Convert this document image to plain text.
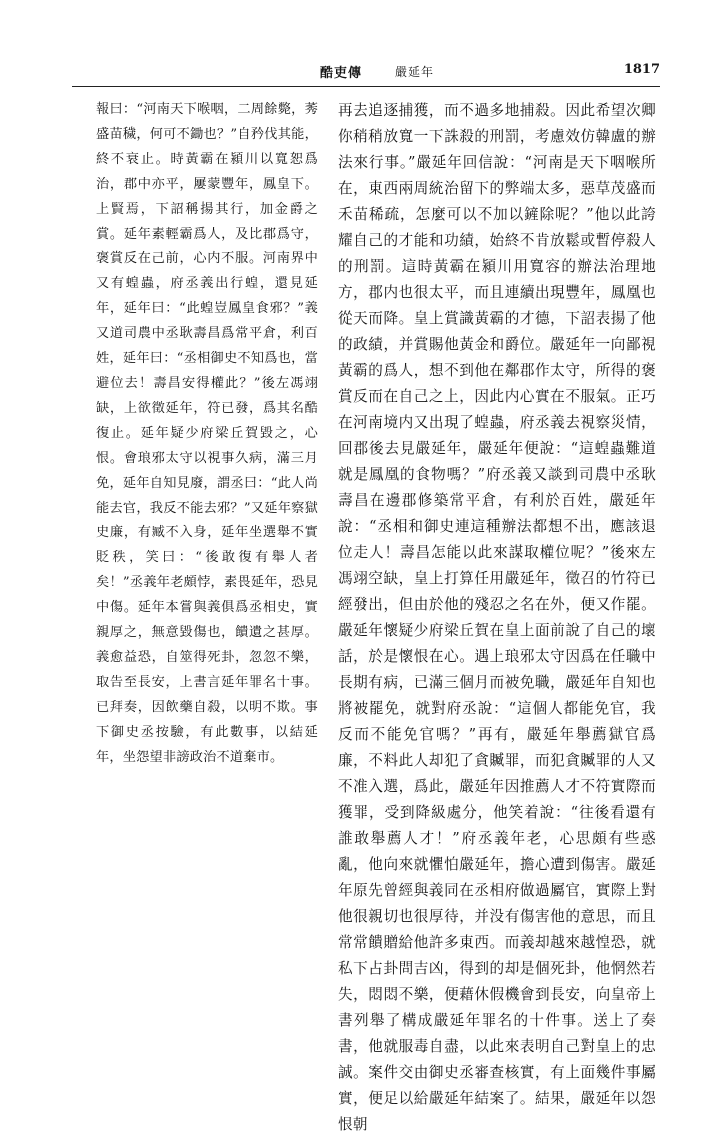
酷吏傳	嚴延年	1817

報曰：“河南天下喉咽，二周餘斃，莠盛苗穢，何可不鋤也？”自矜伐其能，終不衰止。時黃霸在潁川以寬恕爲治，郡中亦平，屢蒙豐年，鳳皇下。上賢焉，下詔稱揚其行，加金爵之賞。延年素輕霸爲人，及比郡爲守，褒賞反在己前，心内不服。河南界中又有蝗蟲，府丞義出行蝗，還見延年，延年曰：“此蝗豈鳳皇食邪？”義又道司農中丞耿壽昌爲常平倉，利百姓，延年曰：“丞相御史不知爲也，當避位去！壽昌安得權此？”後左馮翊缺，上欲徵延年，符已發，爲其名酷復止。延年疑少府梁丘賀毀之，心恨。會琅邪太守以視事久病，滿三月免，延年自知見廢，謂丞曰：“此人尚能去官，我反不能去邪？”又延年察獄史廉，有臧不入身，延年坐選舉不實貶秩，笑曰：“後敢復有舉人者矣！”丞義年老頗悖，素畏延年，恐見中傷。延年本嘗與義俱爲丞相史，實親厚之，無意毀傷也，饋遺之甚厚。義愈益恐，自筮得死卦，忽忽不樂，取告至長安，上書言延年罪名十事。已拜奏，因飲藥自殺，以明不欺。事下御史丞按驗，有此數事，以結延年，坐怨望非謗政治不道棄市。

再去追逐捕獲，而不過多地捕殺。因此希望次卿你稍稍放寬一下誅殺的刑罰，考慮效仿韓盧的辦法來行事。”嚴延年回信說：“河南是天下咽喉所在，東西兩周統治留下的弊端太多，惡草茂盛而禾苗稀疏，怎麼可以不加以鏟除呢？”他以此誇耀自己的才能和功績，始終不肯放鬆或暫停殺人的刑罰。這時黃霸在潁川用寬容的辦法治理地方，郡内也很太平，而且連續出現豐年，鳳凰也從天而降。皇上賞識黃霸的才德，下詔表揚了他的政績，并賞賜他黃金和爵位。嚴延年一向鄙視黃霸的爲人，想不到他在鄰郡作太守，所得的褒賞反而在自己之上，因此内心實在不服氣。正巧在河南境内又出現了蝗蟲，府丞義去視察災情，回郡後去見嚴延年，嚴延年便說：“這蝗蟲難道就是鳳凰的食物嗎？”府丞義又談到司農中丞耿壽昌在邊郡修築常平倉，有利於百姓，嚴延年說：“丞相和御史連這種辦法都想不出，應該退位走人！壽昌怎能以此來謀取權位呢？”後來左馮翊空缺，皇上打算任用嚴延年，徵召的竹符已經發出，但由於他的殘忍之名在外，便又作罷。嚴延年懷疑少府梁丘賀在皇上面前說了自己的壞話，於是懷恨在心。遇上琅邪太守因爲在任職中長期有病，已滿三個月而被免職，嚴延年自知也將被罷免，就對府丞說：“這個人都能免官，我反而不能免官嗎？”再有，嚴延年舉薦獄官爲廉，不料此人却犯了貪贓罪，而犯貪贓罪的人又不准入選，爲此，嚴延年因推薦人才不符實際而獲罪，受到降級處分，他笑着說：“往後看還有誰敢舉薦人才！”府丞義年老，心思頗有些惑亂，他向來就懼怕嚴延年，擔心遭到傷害。嚴延年原先曾經與義同在丞相府做過屬官，實際上對他很親切也很厚待，并没有傷害他的意思，而且常常饋贈給他許多東西。而義却越來越惶恐，就私下占卦問吉凶，得到的却是個死卦，他惘然若失，悶悶不樂，便藉休假機會到長安，向皇帝上書列舉了構成嚴延年罪名的十件事。送上了奏書，他就服毒自盡，以此來表明自己對皇上的忠誠。案件交由御史丞審查核實，有上面幾件事屬實，便足以給嚴延年結案了。結果，嚴延年以怨恨朝
